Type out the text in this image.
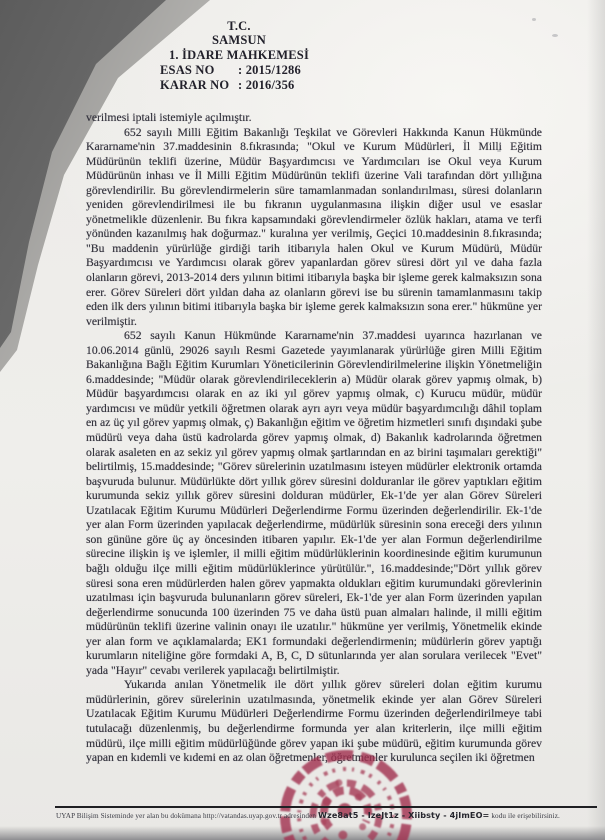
T.C.
SAMSUN
1. İDARE MAHKEMESİ
ESAS NO	: 2015/1286
KARAR NO : 2016/356

verilmesi iptali istemiyle açılmıştır.

652 sayılı Milli Eğitim Bakanlığı Teşkilat ve Görevleri Hakkında Kanun Hükmünde Kararname'nin 37.maddesinin 8.fıkrasında; "Okul ve Kurum Müdürleri, İl Milli Eğitim Müdürünün teklifi üzerine, Müdür Başyardımcısı ve Yardımcıları ise Okul veya Kurum Müdürünün inhası ve İl Milli Eğitim Müdürünün teklifi üzerine Vali tarafından dört yıllığına görevlendirilir. Bu görevlendirmelerin süre tamamlanmadan sonlandırılması, süresi dolanların yeniden görevlendirilmesi ile bu fıkranın uygulanmasına ilişkin diğer usul ve esaslar yönetmelikle düzenlenir. Bu fıkra kapsamındaki görevlendirmeler özlük hakları, atama ve terfi yönünden kazanılmış hak doğurmaz." kuralına yer verilmiş, Geçici 10.maddesinin 8.fıkrasında; "Bu maddenin yürürlüğe girdiği tarih itibarıyla halen Okul ve Kurum Müdürü, Müdür Başyardımcısı ve Yardımcısı olarak görev yapanlardan görev süresi dört yıl ve daha fazla olanların görevi, 2013-2014 ders yılının bitimi itibarıyla başka bir işleme gerek kalmaksızın sona erer. Görev Süreleri dört yıldan daha az olanların görevi ise bu sürenin tamamlanmasını takip eden ilk ders yılının bitimi itibarıyla başka bir işleme gerek kalmaksızın sona erer." hükmüne yer verilmiştir.

652 sayılı Kanun Hükmünde Kararname'nin 37.maddesi uyarınca hazırlanan ve 10.06.2014 günlü, 29026 sayılı Resmi Gazetede yayımlanarak yürürlüğe giren Milli Eğitim Bakanlığına Bağlı Eğitim Kurumları Yöneticilerinin Görevlendirilmelerine ilişkin Yönetmeliğin 6.maddesinde; "Müdür olarak görevlendirileceklerin a) Müdür olarak görev yapmış olmak, b) Müdür başyardımcısı olarak en az iki yıl görev yapmış olmak, c) Kurucu müdür, müdür yardımcısı ve müdür yetkili öğretmen olarak ayrı ayrı veya müdür başyardımcılığı dâhil toplam en az üç yıl görev yapmış olmak, ç) Bakanlığın eğitim ve öğretim hizmetleri sınıfı dışındaki şube müdürü veya daha üstü kadrolarda görev yapmış olmak, d) Bakanlık kadrolarında öğretmen olarak asaleten en az sekiz yıl görev yapmış olmak şartlarından en az birini taşımaları gerektiği" belirtilmiş, 15.maddesinde; "Görev sürelerinin uzatılmasını isteyen müdürler elektronik ortamda başvuruda bulunur. Müdürlükte dört yıllık görev süresini dolduranlar ile görev yaptıkları eğitim kurumunda sekiz yıllık görev süresini dolduran müdürler, Ek-1'de yer alan Görev Süreleri Uzatılacak Eğitim Kurumu Müdürleri Değerlendirme Formu üzerinden değerlendirilir. Ek-1'de yer alan Form üzerinden yapılacak değerlendirme, müdürlük süresinin sona ereceği ders yılının son gününe göre üç ay öncesinden itibaren yapılır. Ek-1'de yer alan Formun değerlendirilme sürecine ilişkin iş ve işlemler, il milli eğitim müdürlüklerinin koordinesinde eğitim kurumunun bağlı olduğu ilçe milli eğitim müdürlüklerince yürütülür.", 16.maddesinde;"Dört yıllık görev süresi sona eren müdürlerden halen görev yapmakta oldukları eğitim kurumundaki görevlerinin uzatılması için başvuruda bulunanların görev süreleri, Ek-1'de yer alan Form üzerinden yapılan değerlendirme sonucunda 100 üzerinden 75 ve daha üstü puan almaları halinde, il milli eğitim müdürünün teklifi üzerine valinin onayı ile uzatılır." hükmüne yer verilmiş, Yönetmelik ekinde yer alan form ve açıklamalarda; EK1 formundaki değerlendirmenin; müdürlerin görev yaptığı kurumların niteliğine göre formdaki A, B, C, D sütunlarında yer alan sorulara verilecek "Evet" yada "Hayır" cevabı verilerek yapılacağı belirtilmiştir.

Yukarıda anılan Yönetmelik ile dört yıllık görev süreleri dolan eğitim kurumu müdürlerinin, görev sürelerinin uzatılmasında, yönetmelik ekinde yer alan Görev Süreleri Uzatılacak Eğitim Kurumu Müdürleri Değerlendirme Formu üzerinden değerlendirilmeye tabi tutulacağı düzenlenmiş, bu değerlendirme formunda yer alan kriterlerin, ilçe milli eğitim müdürü, ilçe milli eğitim müdürlüğünde görev yapan iki şube müdürü, eğitim kurumunda görev yapan en kıdemli ve kıdemi en az olan öğretmenler, öğretmenler kurulunca seçilen iki öğretmen

UYAP Bilişim Sisteminde yer alan bu dokümana http://vatandas.uyap.gov.tr adresinden Wze8at5 - IzeJt1z - Xiibsty - 4jImEO= kodu ile erişebilirsiniz.
